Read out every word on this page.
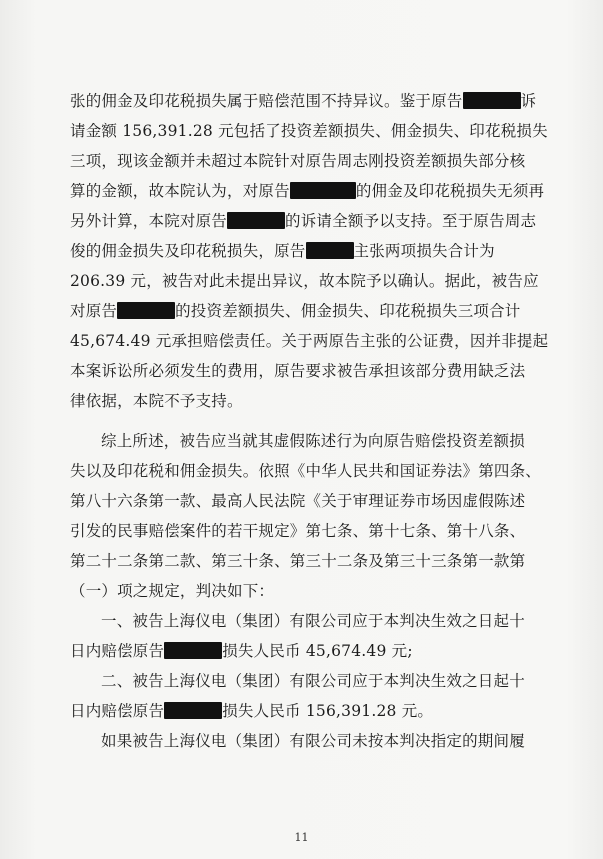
张的佣金及印花税损失属于赔偿范围不持异议。鉴于原告	诉
请金额 156,391.28 元包括了投资差额损失、佣金损失、印花税损失
三项，现该金额并未超过本院针对原告周志刚投资差额损失部分核
算的金额，故本院认为，对原告	的佣金及印花税损失无须再
另外计算，本院对原告	的诉请全额予以支持。至于原告周志
俊的佣金损失及印花税损失，原告	主张两项损失合计为
206.39 元，被告对此未提出异议，故本院予以确认。据此，被告应
对原告	的投资差额损失、佣金损失、印花税损失三项合计
45,674.49 元承担赔偿责任。关于两原告主张的公证费，因并非提起
本案诉讼所必须发生的费用，原告要求被告承担该部分费用缺乏法
律依据，本院不予支持。
综上所述，被告应当就其虚假陈述行为向原告赔偿投资差额损
失以及印花税和佣金损失。依照《中华人民共和国证券法》第四条、
第八十六条第一款、最高人民法院《关于审理证券市场因虚假陈述
引发的民事赔偿案件的若干规定》第七条、第十七条、第十八条、
第二十二条第二款、第三十条、第三十二条及第三十三条第一款第
（一）项之规定，判决如下：
一、被告上海仪电（集团）有限公司应于本判决生效之日起十
日内赔偿原告	损失人民币 45,674.49 元;
二、被告上海仪电（集团）有限公司应于本判决生效之日起十
日内赔偿原告	损失人民币 156,391.28 元。
如果被告上海仪电（集团）有限公司未按本判决指定的期间履
11
